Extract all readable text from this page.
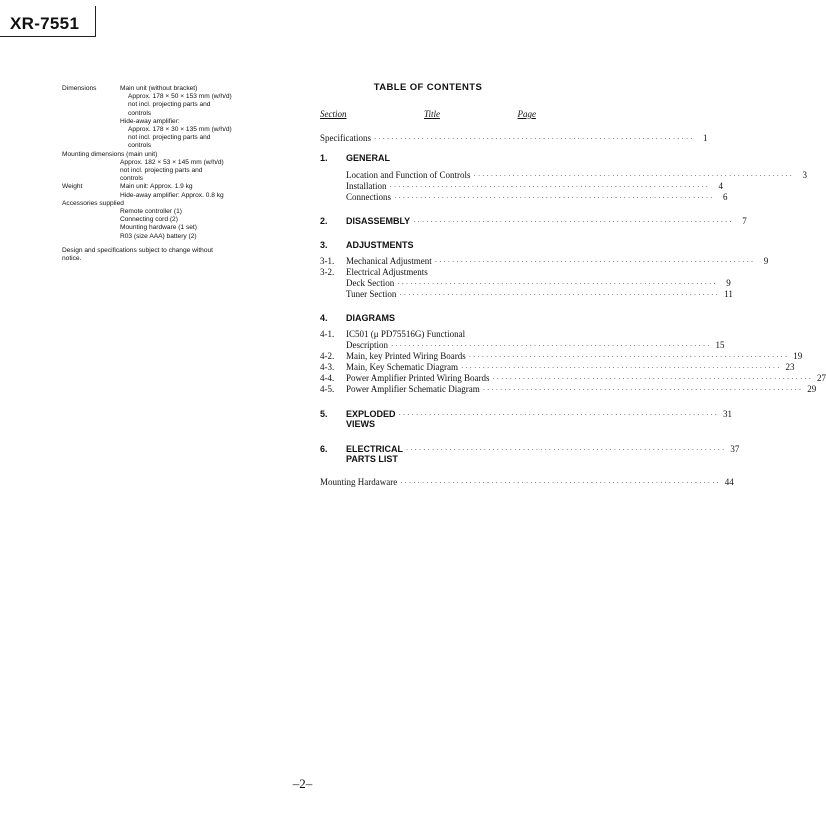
XR-7551
Dimensions	Main unit (without bracket)
Approx. 178 × 50 × 153 mm (w/h/d)
not incl. projecting parts and
controls
Hide-away amplifier:
Approx. 178 × 30 × 135 mm (w/h/d)
not incl. projecting parts and
controls
Mounting dimensions (main unit)
Approx. 182 × 53 × 145 mm (w/h/d)
not incl. projecting parts and
controls
Weight	Main unit: Approx. 1.9 kg
Hide-away amplifier: Approx. 0.8 kg
Accessories supplied
Remote controller (1)
Connecting cord (2)
Mounting hardware (1 set)
R03 (size AAA) battery (2)
Design and specifications subject to change without
notice.
TABLE OF CONTENTS
Section	Title	Page
Specifications ·········································································· 1
1.	GENERAL
Location and Function of Controls ·········································································· 3
Installation ·········································································· 4
Connections ·········································································· 6
2.	DISASSEMBLY ·········································································· 7
3.	ADJUSTMENTS
3-1.	Mechanical Adjustment ·········································································· 9
3-2.	Electrical Adjustments
Deck Section ·········································································· 9
Tuner Section ·········································································· 11
4.	DIAGRAMS
4-1.	IC501 (μ PD75516G) Functional
Description ·········································································· 15
4-2.	Main, key Printed Wiring Boards ·········································································· 19
4-3.	Main, Key Schematic Diagram ·········································································· 23
4-4.	Power Amplifier Printed Wiring Boards ·········································································· 27
4-5.	Power Amplifier Schematic Diagram ·········································································· 29
5.	EXPLODED VIEWS
·········································································· 31
6.	ELECTRICAL PARTS LIST
·········································································· 37
Mounting Hardaware ·········································································· 44
–2–
